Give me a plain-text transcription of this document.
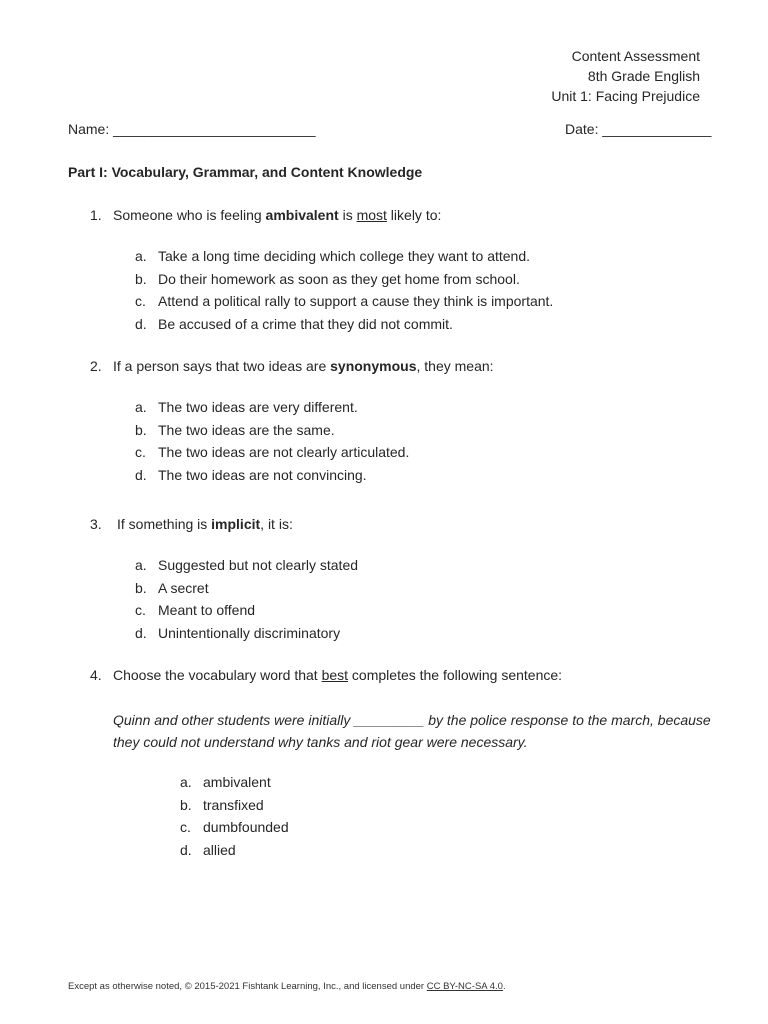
Content Assessment
8th Grade English
Unit 1: Facing Prejudice
Name: __________________________	Date: ______________
Part I: Vocabulary, Grammar, and Content Knowledge
1. Someone who is feeling ambivalent is most likely to:
a. Take a long time deciding which college they want to attend.
b. Do their homework as soon as they get home from school.
c. Attend a political rally to support a cause they think is important.
d. Be accused of a crime that they did not commit.
2. If a person says that two ideas are synonymous, they mean:
a. The two ideas are very different.
b. The two ideas are the same.
c. The two ideas are not clearly articulated.
d. The two ideas are not convincing.
3. If something is implicit, it is:
a. Suggested but not clearly stated
b. A secret
c. Meant to offend
d. Unintentionally discriminatory
4. Choose the vocabulary word that best completes the following sentence:
Quinn and other students were initially _________ by the police response to the march, because they could not understand why tanks and riot gear were necessary.
a. ambivalent
b. transfixed
c. dumbfounded
d. allied
Except as otherwise noted, © 2015-2021 Fishtank Learning, Inc., and licensed under CC BY-NC-SA 4.0.
